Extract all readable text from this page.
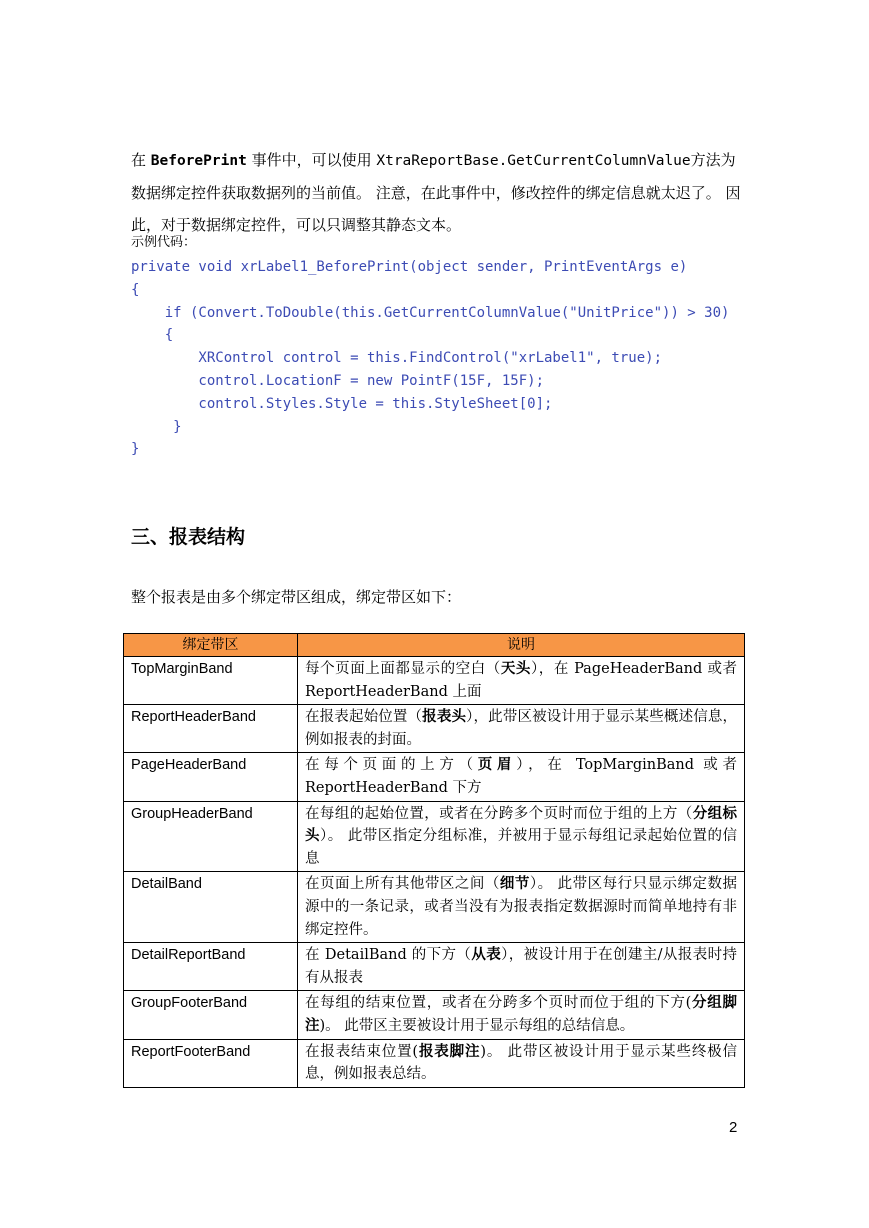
在 BeforePrint 事件中，可以使用 XtraReportBase.GetCurrentColumnValue方法为数据绑定控件获取数据列的当前值。 注意，在此事件中，修改控件的绑定信息就太迟了。 因此，对于数据绑定控件，可以只调整其静态文本。
示例代码：
private void xrLabel1_BeforePrint(object sender, PrintEventArgs e)
{
if (Convert.ToDouble(this.GetCurrentColumnValue("UnitPrice")) > 30)
{
XRControl control = this.FindControl("xrLabel1", true);
control.LocationF = new PointF(15F, 15F);
control.Styles.Style = this.StyleSheet[0];
}
}
三、报表结构
整个报表是由多个绑定带区组成，绑定带区如下：
绑定带区	说明
TopMarginBand	每个页面上面都显示的空白（天头），在 PageHeaderBand 或者 ReportHeaderBand 上面
ReportHeaderBand	在报表起始位置（报表头），此带区被设计用于显示某些概述信息，例如报表的封面。
PageHeaderBand	在每个页面的上方（页眉），在 TopMarginBand 或者 ReportHeaderBand 下方
GroupHeaderBand	在每组的起始位置，或者在分跨多个页时而位于组的上方（分组标头）。 此带区指定分组标准，并被用于显示每组记录起始位置的信息
DetailBand	在页面上所有其他带区之间（细节）。 此带区每行只显示绑定数据源中的一条记录，或者当没有为报表指定数据源时而简单地持有非绑定控件。
DetailReportBand	在 DetailBand 的下方（从表），被设计用于在创建主/从报表时持有从报表
GroupFooterBand	在每组的结束位置，或者在分跨多个页时而位于组的下方(分组脚注)。 此带区主要被设计用于显示每组的总结信息。
ReportFooterBand	在报表结束位置(报表脚注)。 此带区被设计用于显示某些终极信息，例如报表总结。
2
